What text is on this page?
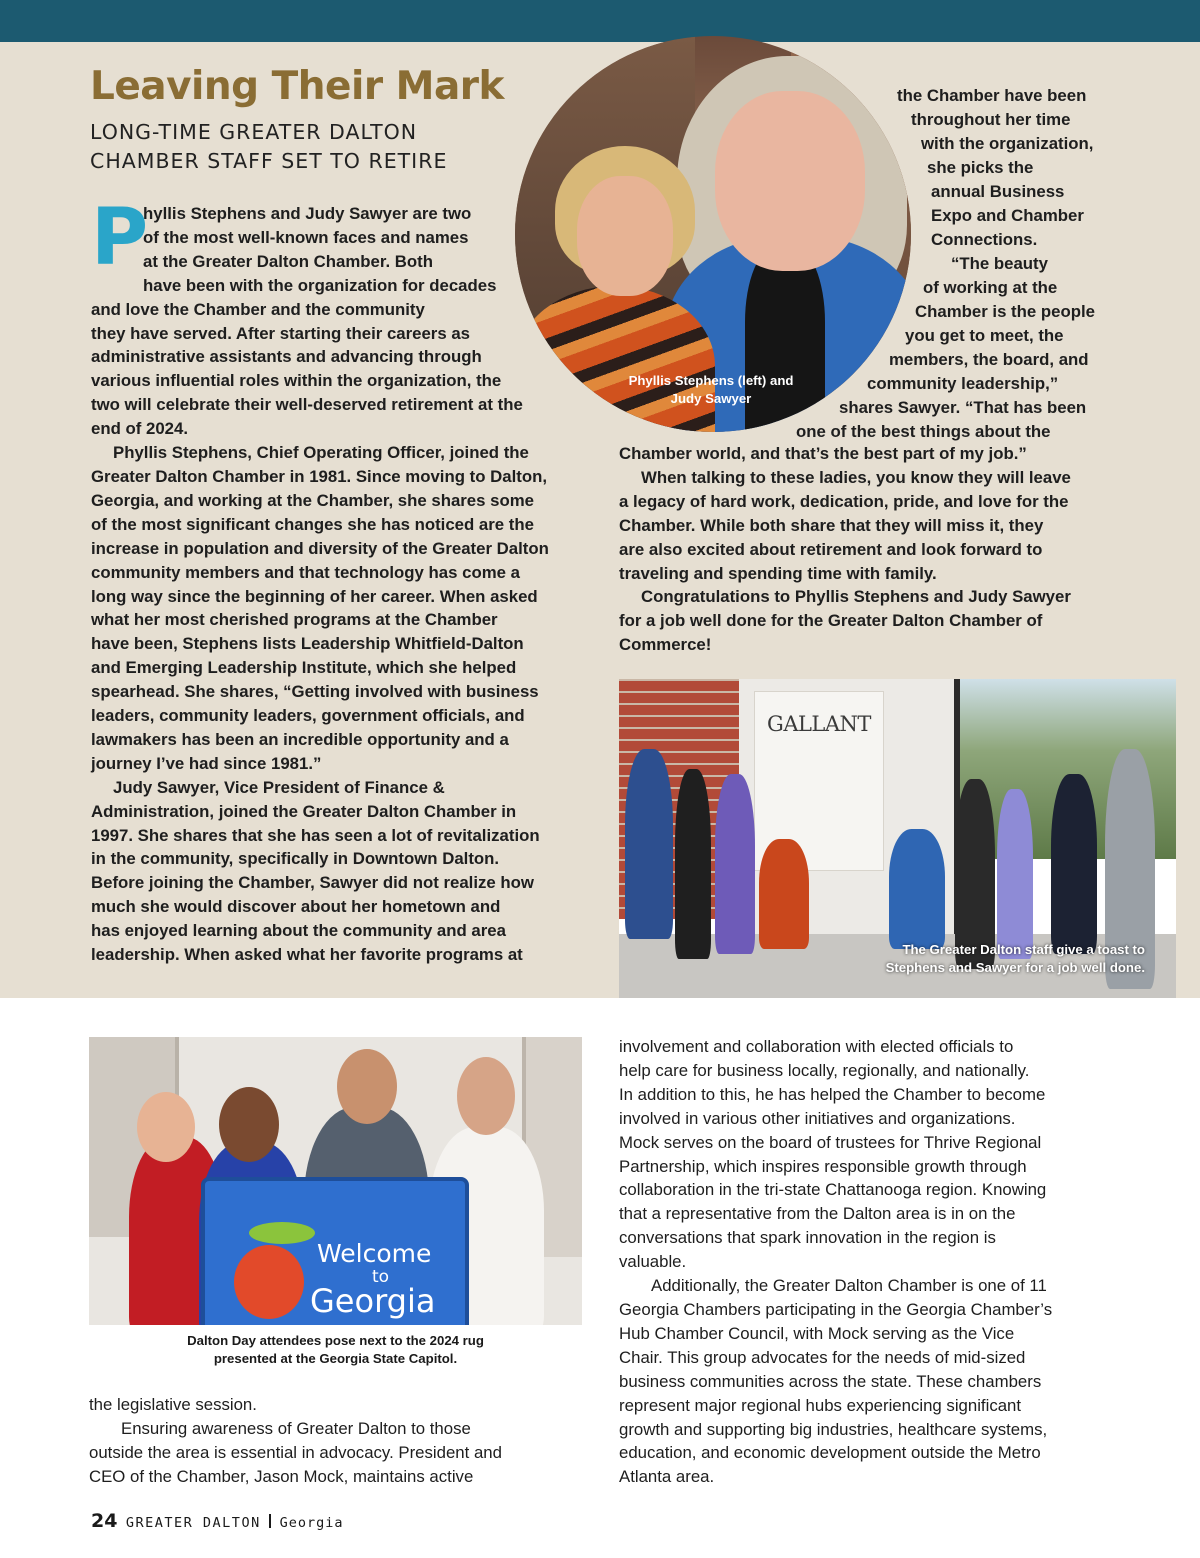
Leaving Their Mark
LONG-TIME GREATER DALTON
CHAMBER STAFF SET TO RETIRE
Phyllis Stephens (left) and
Judy Sawyer
P
hyllis Stephens and Judy Sawyer are two
of the most well-known faces and names
at the Greater Dalton Chamber. Both
have been with the organization for decades
and love the Chamber and the community
they have served. After starting their careers as
administrative assistants and advancing through
various influential roles within the organization, the
two will celebrate their well-deserved retirement at the
end of 2024.
Phyllis Stephens, Chief Operating Officer, joined the
Greater Dalton Chamber in 1981. Since moving to Dalton,
Georgia, and working at the Chamber, she shares some
of the most significant changes she has noticed are the
increase in population and diversity of the Greater Dalton
community members and that technology has come a
long way since the beginning of her career. When asked
what her most cherished programs at the Chamber
have been, Stephens lists Leadership Whitfield-Dalton
and Emerging Leadership Institute, which she helped
spearhead. She shares, “Getting involved with business
leaders, community leaders, government officials, and
lawmakers has been an incredible opportunity and a
journey I’ve had since 1981.”
Judy Sawyer, Vice President of Finance &
Administration, joined the Greater Dalton Chamber in
1997. She shares that she has seen a lot of revitalization
in the community, specifically in Downtown Dalton.
Before joining the Chamber, Sawyer did not realize how
much she would discover about her hometown and
has enjoyed learning about the community and area
leadership. When asked what her favorite programs at
the Chamber have been
throughout her time
with the organization,
she picks the
annual Business
Expo and Chamber
Connections.
“The beauty
of working at the
Chamber is the people
you get to meet, the
members, the board, and
community leadership,”
shares Sawyer. “That has been
one of the best things about the
Chamber world, and that’s the best part of my job.”
When talking to these ladies, you know they will leave
a legacy of hard work, dedication, pride, and love for the
Chamber. While both share that they will miss it, they
are also excited about retirement and look forward to
traveling and spending time with family.
Congratulations to Phyllis Stephens and Judy Sawyer
for a job well done for the Greater Dalton Chamber of
Commerce!
GALLANT
The Greater Dalton staff give a toast to
Stephens and Sawyer for a job well done.
Welcome
to
Georgia
Dalton Day attendees pose next to the 2024 rug
presented at the Georgia State Capitol.
the legislative session.
Ensuring awareness of Greater Dalton to those
outside the area is essential in advocacy. President and
CEO of the Chamber, Jason Mock, maintains active
involvement and collaboration with elected officials to
help care for business locally, regionally, and nationally.
In addition to this, he has helped the Chamber to become
involved in various other initiatives and organizations.
Mock serves on the board of trustees for Thrive Regional
Partnership, which inspires responsible growth through
collaboration in the tri-state Chattanooga region. Knowing
that a representative from the Dalton area is in on the
conversations that spark innovation in the region is
valuable.
Additionally, the Greater Dalton Chamber is one of 11
Georgia Chambers participating in the Georgia Chamber’s
Hub Chamber Council, with Mock serving as the Vice
Chair. This group advocates for the needs of mid-sized
business communities across the state. These chambers
represent major regional hubs experiencing significant
growth and supporting big industries, healthcare systems,
education, and economic development outside the Metro
Atlanta area.
24 GREATER DALTON Georgia
